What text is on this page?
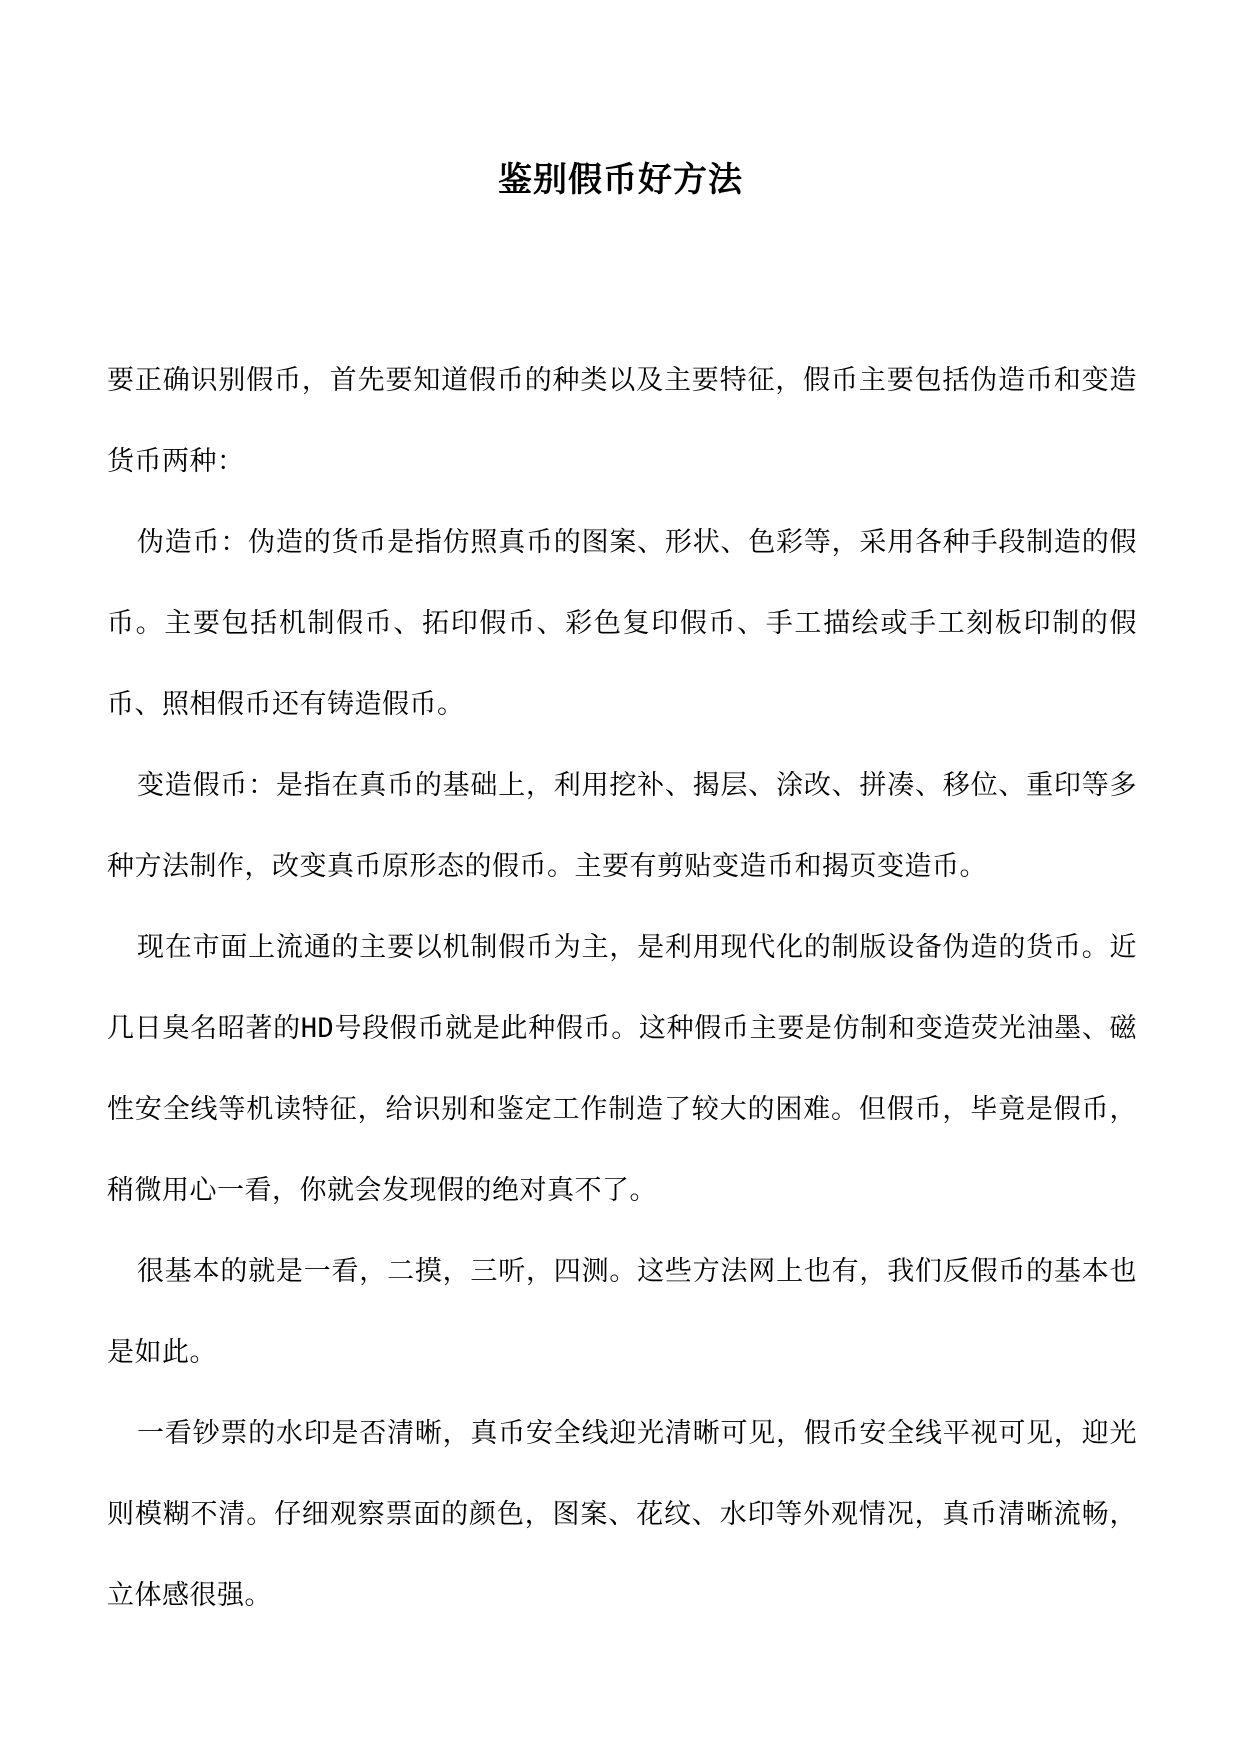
鉴别假币好方法

要正确识别假币，首先要知道假币的种类以及主要特征，假币主要包括伪造币和变造货币两种：

伪造币：伪造的货币是指仿照真币的图案、形状、色彩等，采用各种手段制造的假币。主要包括机制假币、拓印假币、彩色复印假币、手工描绘或手工刻板印制的假币、照相假币还有铸造假币。

变造假币：是指在真币的基础上，利用挖补、揭层、涂改、拼凑、移位、重印等多种方法制作，改变真币原形态的假币。主要有剪贴变造币和揭页变造币。

现在市面上流通的主要以机制假币为主，是利用现代化的制版设备伪造的货币。近几日臭名昭著的HD号段假币就是此种假币。这种假币主要是仿制和变造荧光油墨、磁性安全线等机读特征，给识别和鉴定工作制造了较大的困难。但假币，毕竟是假币，稍微用心一看，你就会发现假的绝对真不了。

很基本的就是一看，二摸，三听，四测。这些方法网上也有，我们反假币的基本也是如此。

一看钞票的水印是否清晰，真币安全线迎光清晰可见，假币安全线平视可见，迎光则模糊不清。仔细观察票面的颜色，图案、花纹、水印等外观情况，真币清晰流畅，立体感很强。
